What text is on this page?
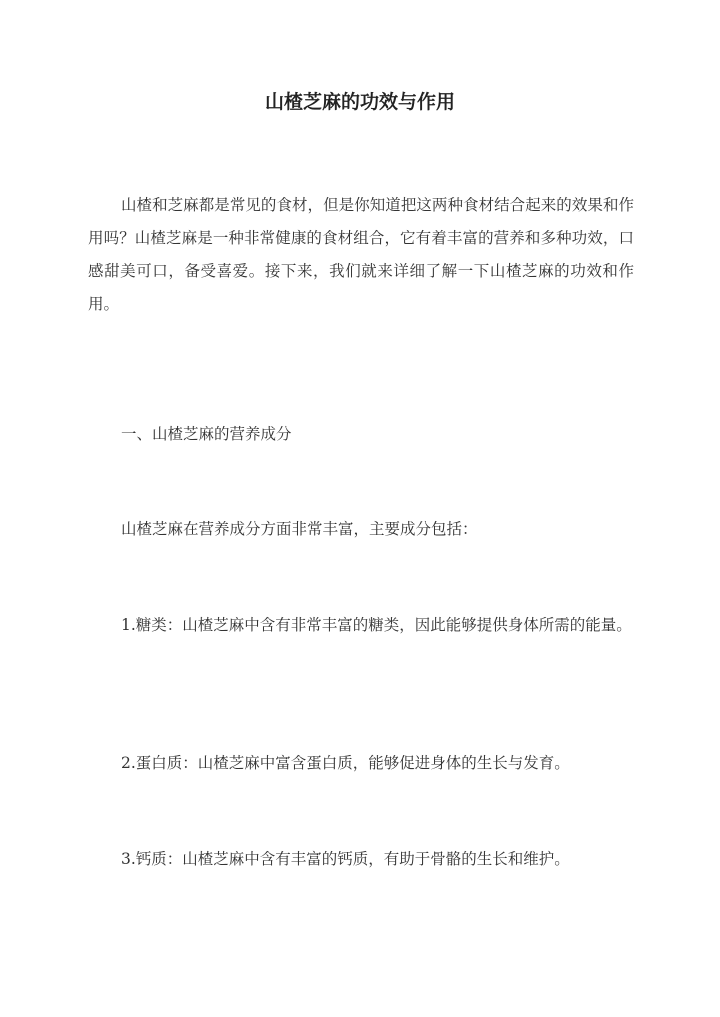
山楂芝麻的功效与作用

山楂和芝麻都是常见的食材，但是你知道把这两种食材结合起来的效果和作用吗？山楂芝麻是一种非常健康的食材组合，它有着丰富的营养和多种功效，口感甜美可口，备受喜爱。接下来，我们就来详细了解一下山楂芝麻的功效和作用。

一、山楂芝麻的营养成分

山楂芝麻在营养成分方面非常丰富，主要成分包括：

1.糖类：山楂芝麻中含有非常丰富的糖类，因此能够提供身体所需的能量。

2.蛋白质：山楂芝麻中富含蛋白质，能够促进身体的生长与发育。

3.钙质：山楂芝麻中含有丰富的钙质，有助于骨骼的生长和维护。
